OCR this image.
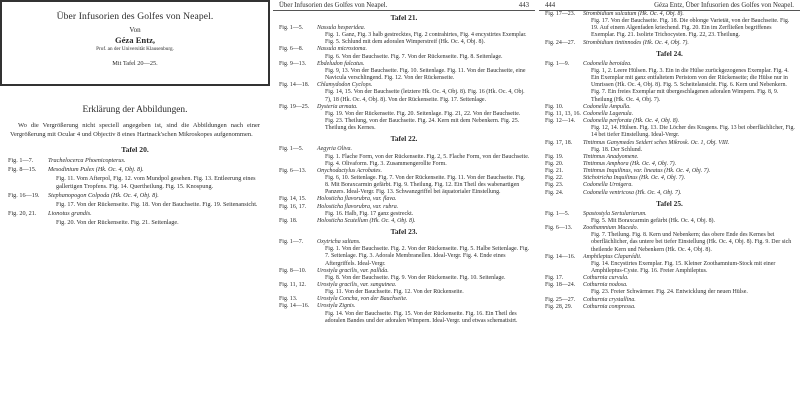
Über Infusorien des Golfes von Neapel.
Von
Géza Entz,
Prof. an der Universität Klausenburg.
Mit Tafel 20—25.
Erklärung der Abbildungen.
Wo die Vergrößerung nicht speciell angegeben ist, sind die Abbildungen nach einer Vergrößerung mit Ocular 4 und Objectiv 8 eines Hartnack'schen Mikroskopes aufgenommen.
Tafel 20.
Fig. 1—7.	Trachelocerca Phoenicopterus.
Fig. 8—15.	Mesodinium Pulex (Hk. Oc. 4, Obj. 8).
Fig. 11. Vom Afterpol, Fig. 12. vom Mundpol gesehen. Fig. 13. Entleerung eines gallertigen Tropfens. Fig. 14. Quertheilung. Fig. 15. Knospung.
Fig. 16—19.	Stephanopogon Colpoda (Hk. Oc. 4, Obj. 8).
Fig. 17. Von der Rückenseite. Fig. 18. Von der Bauchseite. Fig. 19. Seitenansicht.
Fig. 20, 21.	Lionotus grandis.
Fig. 20. Von der Rückenseite. Fig. 21. Seitenlage.
Über Infusorien des Golfes von Neapel.	443
Tafel 21.
Fig. 1—5.	Nassula hesperidea.
Fig. 1. Ganz, Fig. 3 halb gestrecktes, Fig. 2 contrahirtes, Fig. 4 encystirtes Exemplar. Fig. 5. Schlund mit dem adoralen Wimperstreif (Hk. Oc. 4, Obj. 8).
Fig. 6—8.	Nassula microstoma.
Fig. 6. Von der Bauchseite. Fig. 7. Von der Rückenseite. Fig. 8. Seitenlage.
Fig. 9—13.	Ebdeludon falcatus.
Fig. 9, 13. Von der Bauchseite. Fig. 10. Seitenlage. Fig. 11. Von der Bauchseite, eine Navicula verschlingend. Fig. 12. Von der Rückenseite.
Fig. 14—18.	Chlamydodon Cyclops.
Fig. 14, 15. Von der Bauchseite (letztere Hk. Oc. 4, Obj. 8). Fig. 16 (Hk. Oc. 4, Obj. 7), 18 (Hk. Oc. 4, Obj. 8). Von der Rückenseite. Fig. 17. Seitenlage.
Fig. 19—25.	Dysteria armata.
Fig. 19. Von der Rückenseite. Fig. 20. Seitenlage. Fig. 21, 22. Von der Bauchseite. Fig. 23. Theilung, von der Bauchseite. Fig. 24. Kern mit dem Nebenkern. Fig. 25. Theilung des Kernes.
Tafel 22.
Fig. 1—5.	Aegyria Oliva.
Fig. 1. Flache Form, von der Rückenseite. Fig. 2, 5. Flache Form, von der Bauchseite. Fig. 4. Olivaform. Fig. 3. Zusammengerollte Form.
Fig. 6—13.	Onychodactylus Acrobates.
Fig. 6, 10. Seitenlage. Fig. 7. Von der Rückenseite. Fig. 11. Von der Bauchseite. Fig. 8. Mit Boraxcarmin gefärbt. Fig. 9. Theilung. Fig. 12. Ein Theil des wabenartigen Panzers. Ideal-Vergr. Fig. 13. Schwanzgriffel bei äquatorialer Einstellung.
Fig. 14, 15.	Holosticha flavorubra, var. flava.
Fig. 16, 17.	Holosticha flavorubra, var. rubra.
Fig. 16. Halb, Fig. 17 ganz gestreckt.
Fig. 18.	Holosticha Scutellum (Hk. Oc. 4, Obj. 8).
Tafel 23.
Fig. 1—7.	Oxytricha saltans.
Fig. 1. Von der Bauchseite. Fig. 2. Von der Rückenseite. Fig. 5. Halbe Seitenlage. Fig. 7. Seitenlage. Fig. 3. Adorale Membranellen. Ideal-Vergr. Fig. 4. Ende eines Aftergriffels. Ideal-Vergr.
Fig. 8—10.	Urostyla gracilis, var. pallida.
Fig. 8. Von der Bauchseite. Fig. 9. Von der Rückenseite. Fig. 10. Seitenlage.
Fig. 11, 12.	Urostyla gracilis, var. sanguinea.
Fig. 11. Von der Bauchseite. Fig. 12. Von der Rückenseite.
Fig. 13.	Urostyla Concha, von der Bauchseite.
Fig. 14—16.	Urostyla Zignis.
Fig. 14. Von der Bauchseite. Fig. 15. Von der Rückenseite. Fig. 16. Ein Theil des adoralen Bandes und der adoralen Wimpern. Ideal-Vergr. und etwas schematisirt.
444	Géza Entz, Über Infusorien des Golfes von Neapel.
Fig. 17—23.	Strombidium sulcatum (Hk. Oc. 4, Obj. 8).
Fig. 17. Von der Bauchseite. Fig. 18. Die oblonge Varietät, von der Bauchseite. Fig. 19. Auf einem Algenfaden kriechend. Fig. 20. Ein im Zerfließen begriffenes Exemplar. Fig. 21. Isolirte Trichocysten. Fig. 22, 23. Theilung.
Fig. 24—27.	Strombidium tintinnodes (Hk. Oc. 4, Obj. 7).
Tafel 24.
Fig. 1—9.	Codonella beroidea.
Fig. 1, 2. Leere Hülsen. Fig. 3. Ein in die Hülse zurückgezogenes Exemplar. Fig. 4. Ein Exemplar mit ganz entfaltetem Peristom von der Rückenseite; die Hülse nur in Umrissen (Hk. Oc. 4, Obj. 8). Fig. 5. Scheitelansicht. Fig. 6. Kern und Nebenkern. Fig. 7. Ein freies Exemplar mit übergeschlagenen adoralen Wimpern. Fig. 8, 9. Theilung (Hk. Oc. 4, Obj. 7).
Fig. 10.	Codonella Ampulla.
Fig. 11, 13, 16. Codonella Lagenula.
Fig. 12—14.	Codonella perforata (Hk. Oc. 4, Obj. 8).
Fig. 12, 14. Hülsen. Fig. 13. Die Löcher des Kragens. Fig. 13 bei oberflächlicher, Fig. 14 bei tiefer Einstellung. Ideal-Vergr.
Fig. 17, 18.	Tintinnus Ganymedes Seidert sches Mikrosk. Oc. 1, Obj. VIII.
Fig. 18. Der Schlund.
Fig. 19.	Tintinnus Anadyomene.
Fig. 20.	Tintinnus Amphora (Hk. Oc. 4, Obj. 7).
Fig. 21.	Tintinnus Inquilinus, var. lineatus (Hk. Oc. 4, Obj. 7).
Fig. 22.	Stichotricha Inquilinus (Hk. Oc. 4, Obj. 7).
Fig. 23.	Codonella Urnigera.
Fig. 24.	Codonella ventricosa (Hk. Oc. 4, Obj. 7).
Tafel 25.
Fig. 1—5.	Spastostyla Sertulariarum.
Fig. 5. Mit Boraxcarmin gefärbt (Hk. Oc. 4, Obj. 8).
Fig. 6—13.	Zoothamnium Mucedo.
Fig. 7. Theilung. Fig. 8. Kern und Nebenkern; das obere Ende des Kernes bei oberflächlicher, das untere bei tiefer Einstellung (Hk. Oc. 4, Obj. 8). Fig. 9. Der sich theilende Kern und Nebenkern (Hk. Oc. 4, Obj. 8).
Fig. 14—16.	Amphileptus Claparédii.
Fig. 14. Encystirtes Exemplar. Fig. 15. Kleiner Zoothamnium-Stock mit einer Amphileptus-Cyste. Fig. 16. Freier Amphileptus.
Fig. 17.	Cothurnia curvula.
Fig. 18—24.	Cothurnia nodosa.
Fig. 23. Freier Schwärmer. Fig. 24. Entwicklung der neuen Hülse.
Fig. 25—27.	Cothurnia crystallina.
Fig. 28, 29.	Cothurnia compressa.
